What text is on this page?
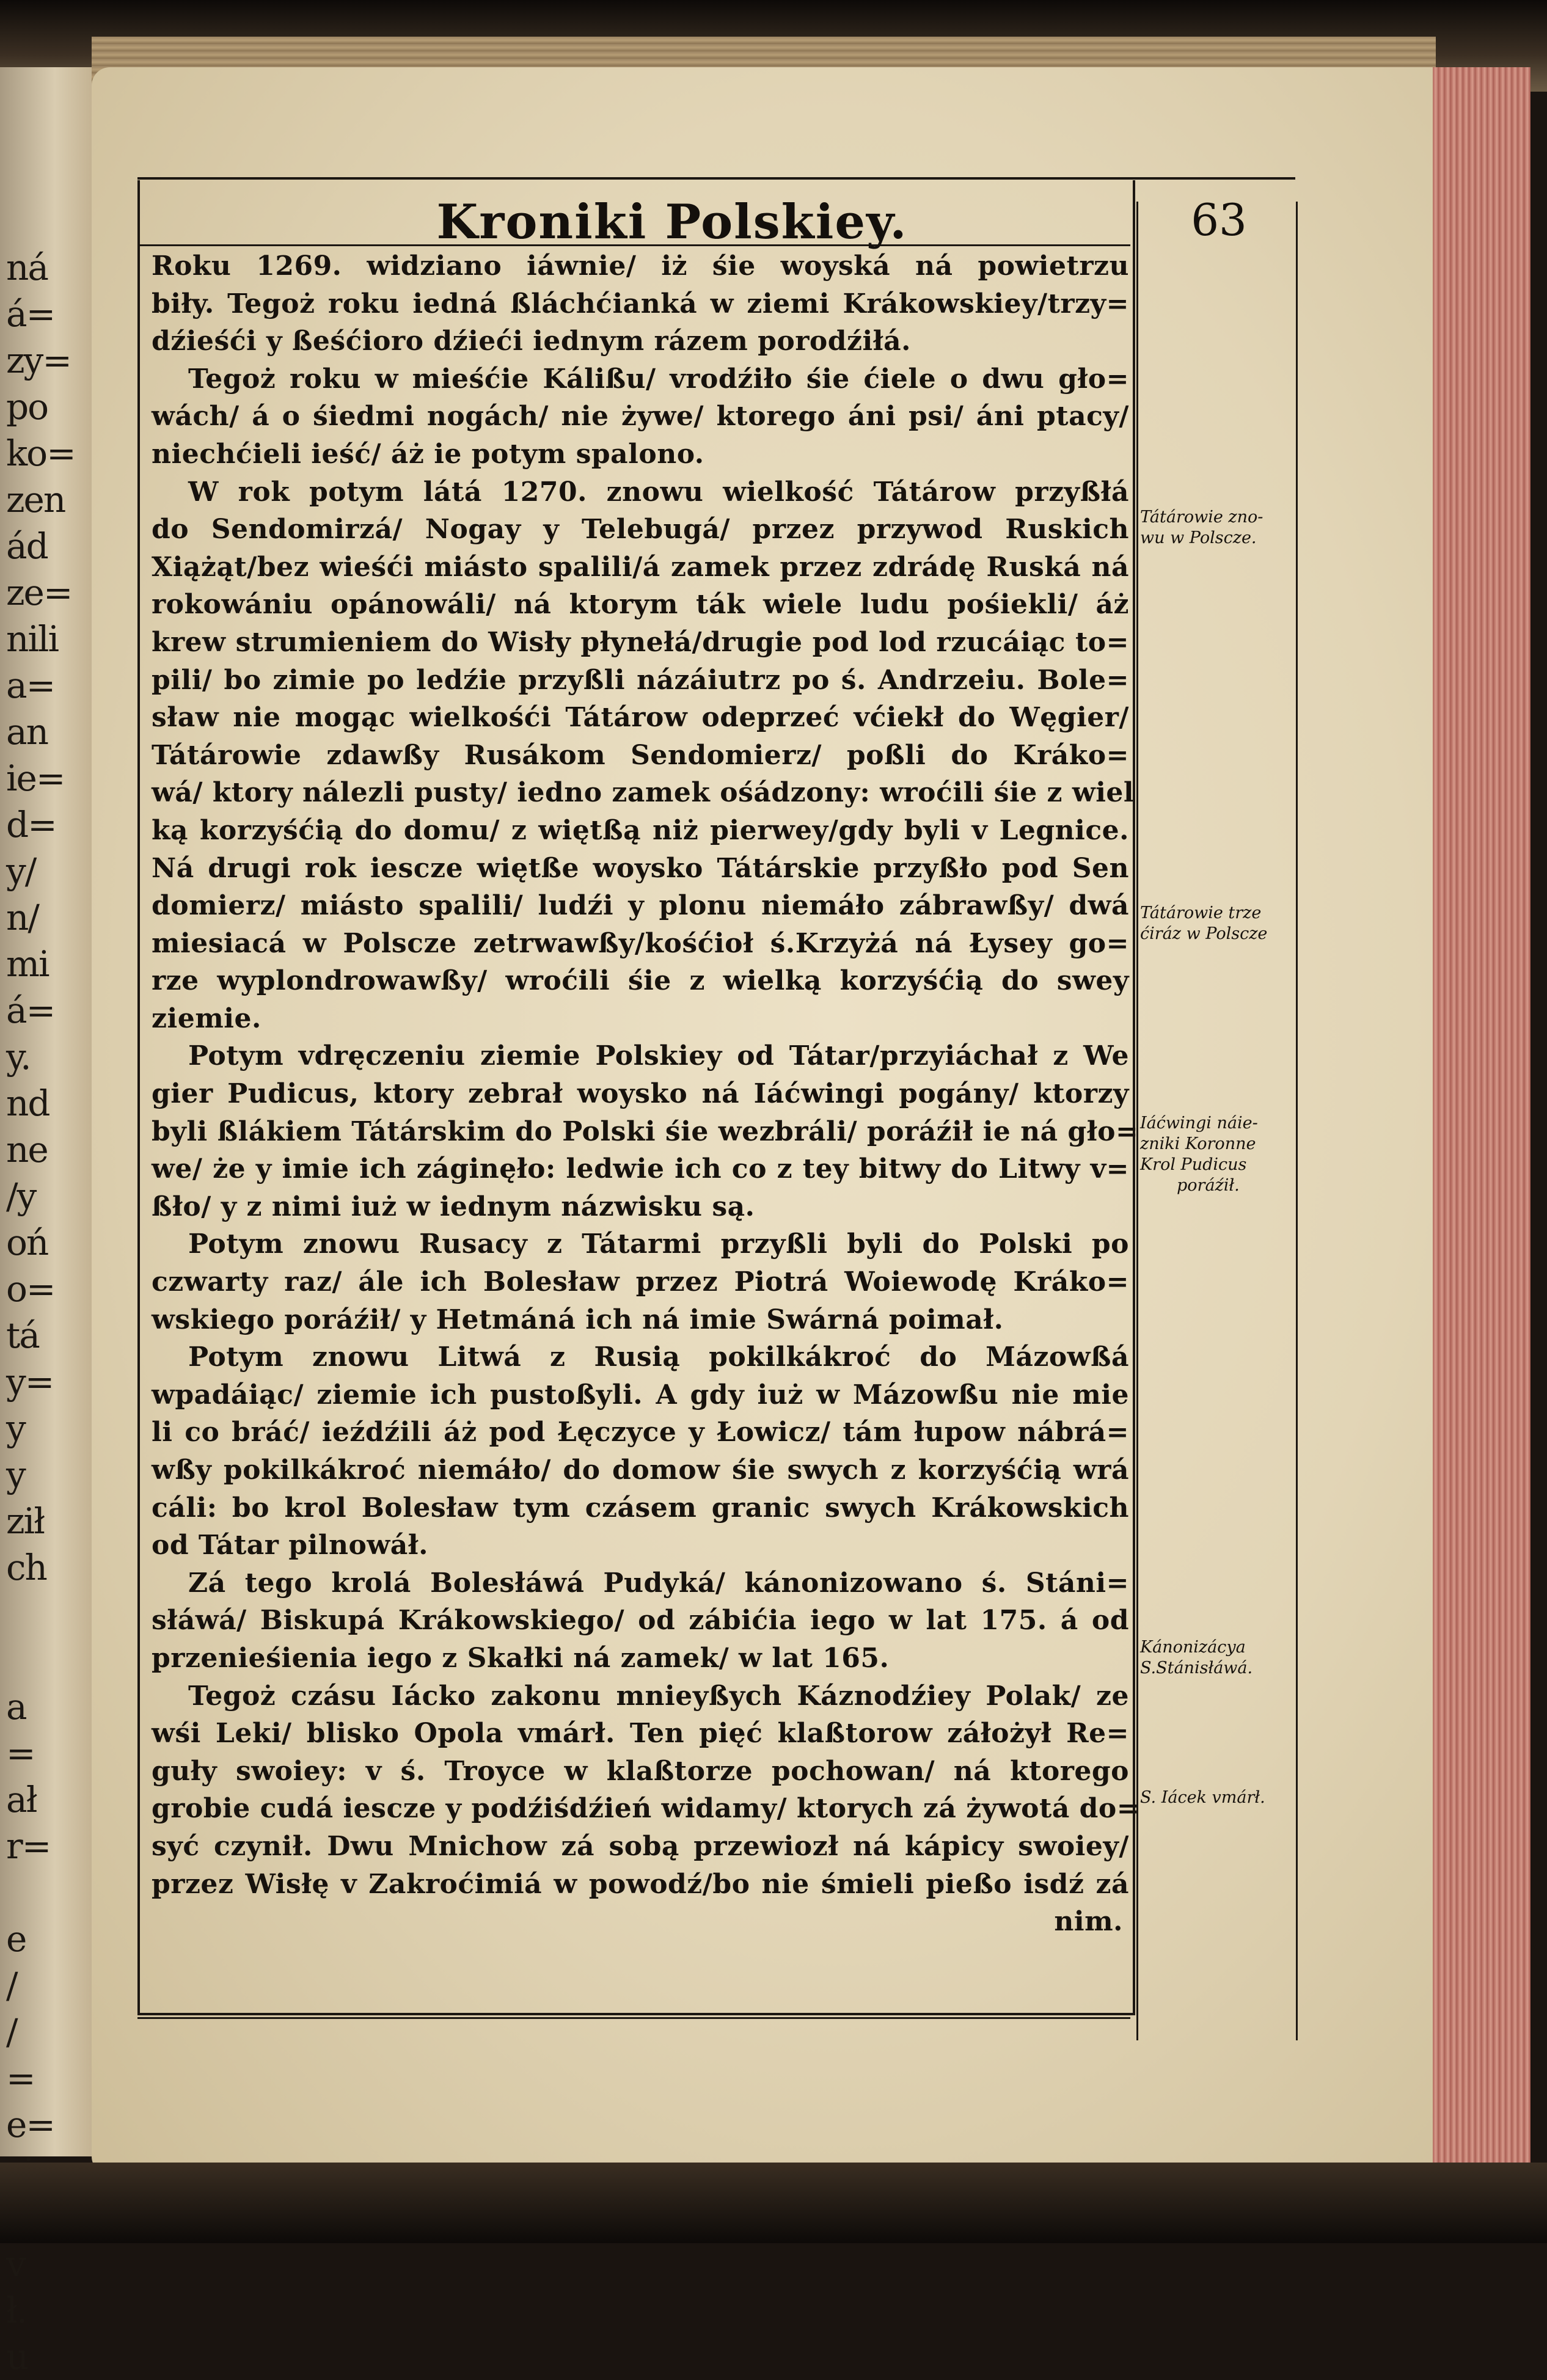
ná
á=
zy=
po
ko=
zen
ád
ze=
nili
a=
an
ie=
d=
y/
n/
mi
á=
y.
nd
ne
/y
oń
o=
tá
y=
y
y
ził
ch

a
=
ał
r=

e
/
/
=
e=

v
ł.
u
Kroniki Polskiey.	63
Roku 1269. widziano iáwnie/ iż śie woyská ná powietrzu
biły. Tegoż roku iedná ßláchćianká w ziemi Krákowskiey/trzy=
dźieśći y ßeśćioro dźieći iednym rázem porodźiłá.
Tegoż roku w mieśćie Kálißu/ vrodźiło śie ćiele o dwu gło=
wách/ á o śiedmi nogách/ nie żywe/ ktorego áni psi/ áni ptacy/
niechćieli ieść/ áż ie potym spalono.
W rok potym látá 1270. znowu wielkość Tátárow przyßłá
do Sendomirzá/ Nogay y Telebugá/ przez przywod Ruskich
Xiążąt/bez wieśći miásto spalili/á zamek przez zdrádę Ruská ná
rokowániu opánowáli/ ná ktorym ták wiele ludu pośiekli/ áż
krew strumieniem do Wisły płynełá/drugie pod lod rzucáiąc to=
pili/ bo zimie po ledźie przyßli názáiutrz po ś. Andrzeiu. Bole=
sław nie mogąc wielkośći Tátárow odeprzeć vćiekł do Węgier/
Tátárowie zdawßy Rusákom Sendomierz/ poßli do Kráko=
wá/ ktory nálezli pusty/ iedno zamek ośádzony: wroćili śie z wiel
ką korzyśćią do domu/ z więtßą niż pierwey/gdy byli v Legnice.
Ná drugi rok iescze więtße woysko Tátárskie przyßło pod Sen
domierz/ miásto spalili/ ludźi y plonu niemáło zábrawßy/ dwá
miesiacá w Polscze zetrwawßy/kośćioł ś.Krzyżá ná Łysey go=
rze wyplondrowawßy/ wroćili śie z wielką korzyśćią do swey
ziemie.
Potym vdręczeniu ziemie Polskiey od Tátar/przyiáchał z We
gier Pudicus, ktory zebrał woysko ná Iáćwingi pogány/ ktorzy
byli ßlákiem Tátárskim do Polski śie wezbráli/ poráźił ie ná gło=
we/ że y imie ich záginęło: ledwie ich co z tey bitwy do Litwy v=
ßło/ y z nimi iuż w iednym názwisku są.
Potym znowu Rusacy z Tátarmi przyßli byli do Polski po
czwarty raz/ ále ich Bolesław przez Piotrá Woiewodę Kráko=
wskiego poráźił/ y Hetmáná ich ná imie Swárná poimał.
Potym znowu Litwá z Rusią pokilkákroć do Mázowßá
wpadáiąc/ ziemie ich pustoßyli. A gdy iuż w Mázowßu nie mie
li co bráć/ ieźdźili áż pod Łęczyce y Łowicz/ tám łupow nábrá=
wßy pokilkákroć niemáło/ do domow śie swych z korzyśćią wrá
cáli: bo krol Bolesław tym czásem granic swych Krákowskich
od Tátar pilnowáł.
Zá tego krolá Bolesłáwá Pudyká/ kánonizowano ś. Stáni=
słáwá/ Biskupá Krákowskiego/ od zábićia iego w lat 175. á od
przenieśienia iego z Skałki ná zamek/ w lat 165.
Tegoż czásu Iácko zakonu mnieyßych Káznodźiey Polak/ ze
wśi Leki/ blisko Opola vmárł. Ten pięć klaßtorow záłożył Re=
guły swoiey: v ś. Troyce w klaßtorze pochowan/ ná ktorego
grobie cudá iescze y podźiśdźień widamy/ ktorych zá żywotá do=
syć czynił. Dwu Mnichow zá sobą przewiozł ná kápicy swoiey/
przez Wisłę v Zakroćimiá w powodź/bo nie śmieli pießo isdź zá
nim.
Tátárowie zno-
wu w Polscze.
Tátárowie trze
ćiráz w Polscze
Iáćwingi náie-
zniki Koronne
Krol Pudicus
poráźił.
Kánonizácya
S.Stánisłáwá.
S. Iácek vmárł.
